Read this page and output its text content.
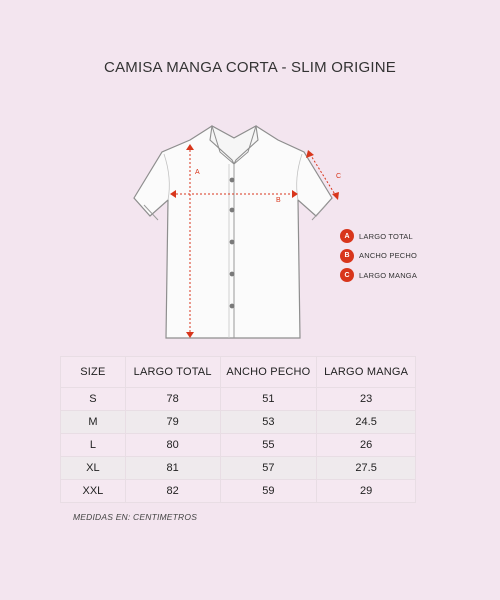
CAMISA MANGA CORTA - SLIM ORIGINE
A
B
C
A	LARGO TOTAL
B	ANCHO PECHO
C	LARGO MANGA
SIZE	LARGO TOTAL	ANCHO PECHO	LARGO MANGA
S	78	51	23
M	79	53	24.5
L	80	55	26
XL	81	57	27.5
XXL	82	59	29
MEDIDAS EN: CENTIMETROS
